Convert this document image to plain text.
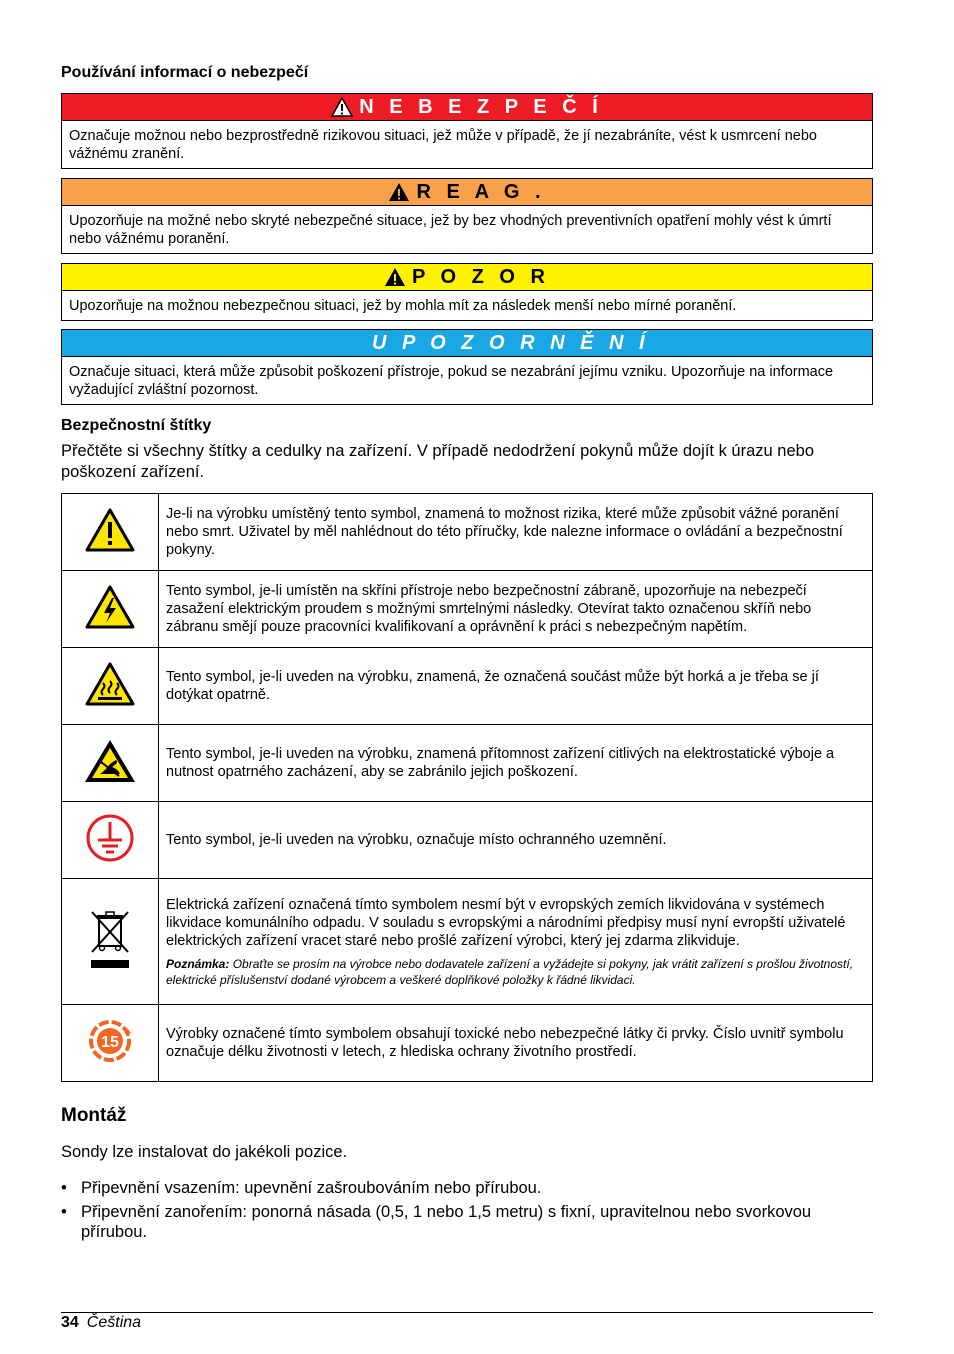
Používání informací o nebezpečí
N E B E Z P E Č Í
Označuje možnou nebo bezprostředně rizikovou situaci, jež může v případě, že jí nezabráníte, vést k usmrcení nebo vážnému zranění.
R E A G .
Upozorňuje na možné nebo skryté nebezpečné situace, jež by bez vhodných preventivních opatření mohly vést k úmrtí nebo vážnému poranění.
P O Z O R
Upozorňuje na možnou nebezpečnou situaci, jež by mohla mít za následek menší nebo mírné poranění.
U P O Z O R N Ě N Í
Označuje situaci, která může způsobit poškození přístroje, pokud se nezabrání jejímu vzniku. Upozorňuje na informace vyžadující zvláštní pozornost.
Bezpečnostní štítky

Přečtěte si všechny štítky a cedulky na zařízení. V případě nedodržení pokynů může dojít k úrazu nebo poškození zařízení.

	Je-li na výrobku umístěný tento symbol, znamená to možnost rizika, které může způsobit vážné poranění nebo smrt. Uživatel by měl nahlédnout do této příručky, kde nalezne informace o ovládání a bezpečnostní pokyny.
	Tento symbol, je-li umístěn na skříni přístroje nebo bezpečnostní zábraně, upozorňuje na nebezpečí zasažení elektrickým proudem s možnými smrtelnými následky. Otevírat takto označenou skříň nebo zábranu smějí pouze pracovníci kvalifikovaní a oprávnění k práci s nebezpečným napětím.
	Tento symbol, je-li uveden na výrobku, znamená, že označená součást může být horká a je třeba se jí dotýkat opatrně.
	Tento symbol, je-li uveden na výrobku, znamená přítomnost zařízení citlivých na elektrostatické výboje a nutnost opatrného zacházení, aby se zabránilo jejich poškození.
	Tento symbol, je-li uveden na výrobku, označuje místo ochranného uzemnění.

Elektrická zařízení označená tímto symbolem nesmí být v evropských zemích likvidována v systémech likvidace komunálního odpadu. V souladu s evropskými a národními předpisy musí nyní evropští uživatelé elektrických zařízení vracet staré nebo prošlé zařízení výrobci, který jej zdarma zlikviduje.
Poznámka: Obraťte se prosím na výrobce nebo dodavatele zařízení a vyžádejte si pokyny, jak vrátit zařízení s prošlou životností, elektrické příslušenství dodané výrobcem a veškeré doplňkové položky k řádné likvidaci.

15	Výrobky označené tímto symbolem obsahují toxické nebo nebezpečné látky či prvky. Číslo uvnitř symbolu označuje délku životnosti v letech, z hlediska ochrany životního prostředí.
Montáž

Sondy lze instalovat do jakékoli pozice.

• Připevnění vsazením: upevnění zašroubováním nebo přírubou.
• Připevnění zanořením: ponorná násada (0,5, 1 nebo 1,5 metru) s fixní, upravitelnou nebo svorkovou přírubou.
34 Čeština
